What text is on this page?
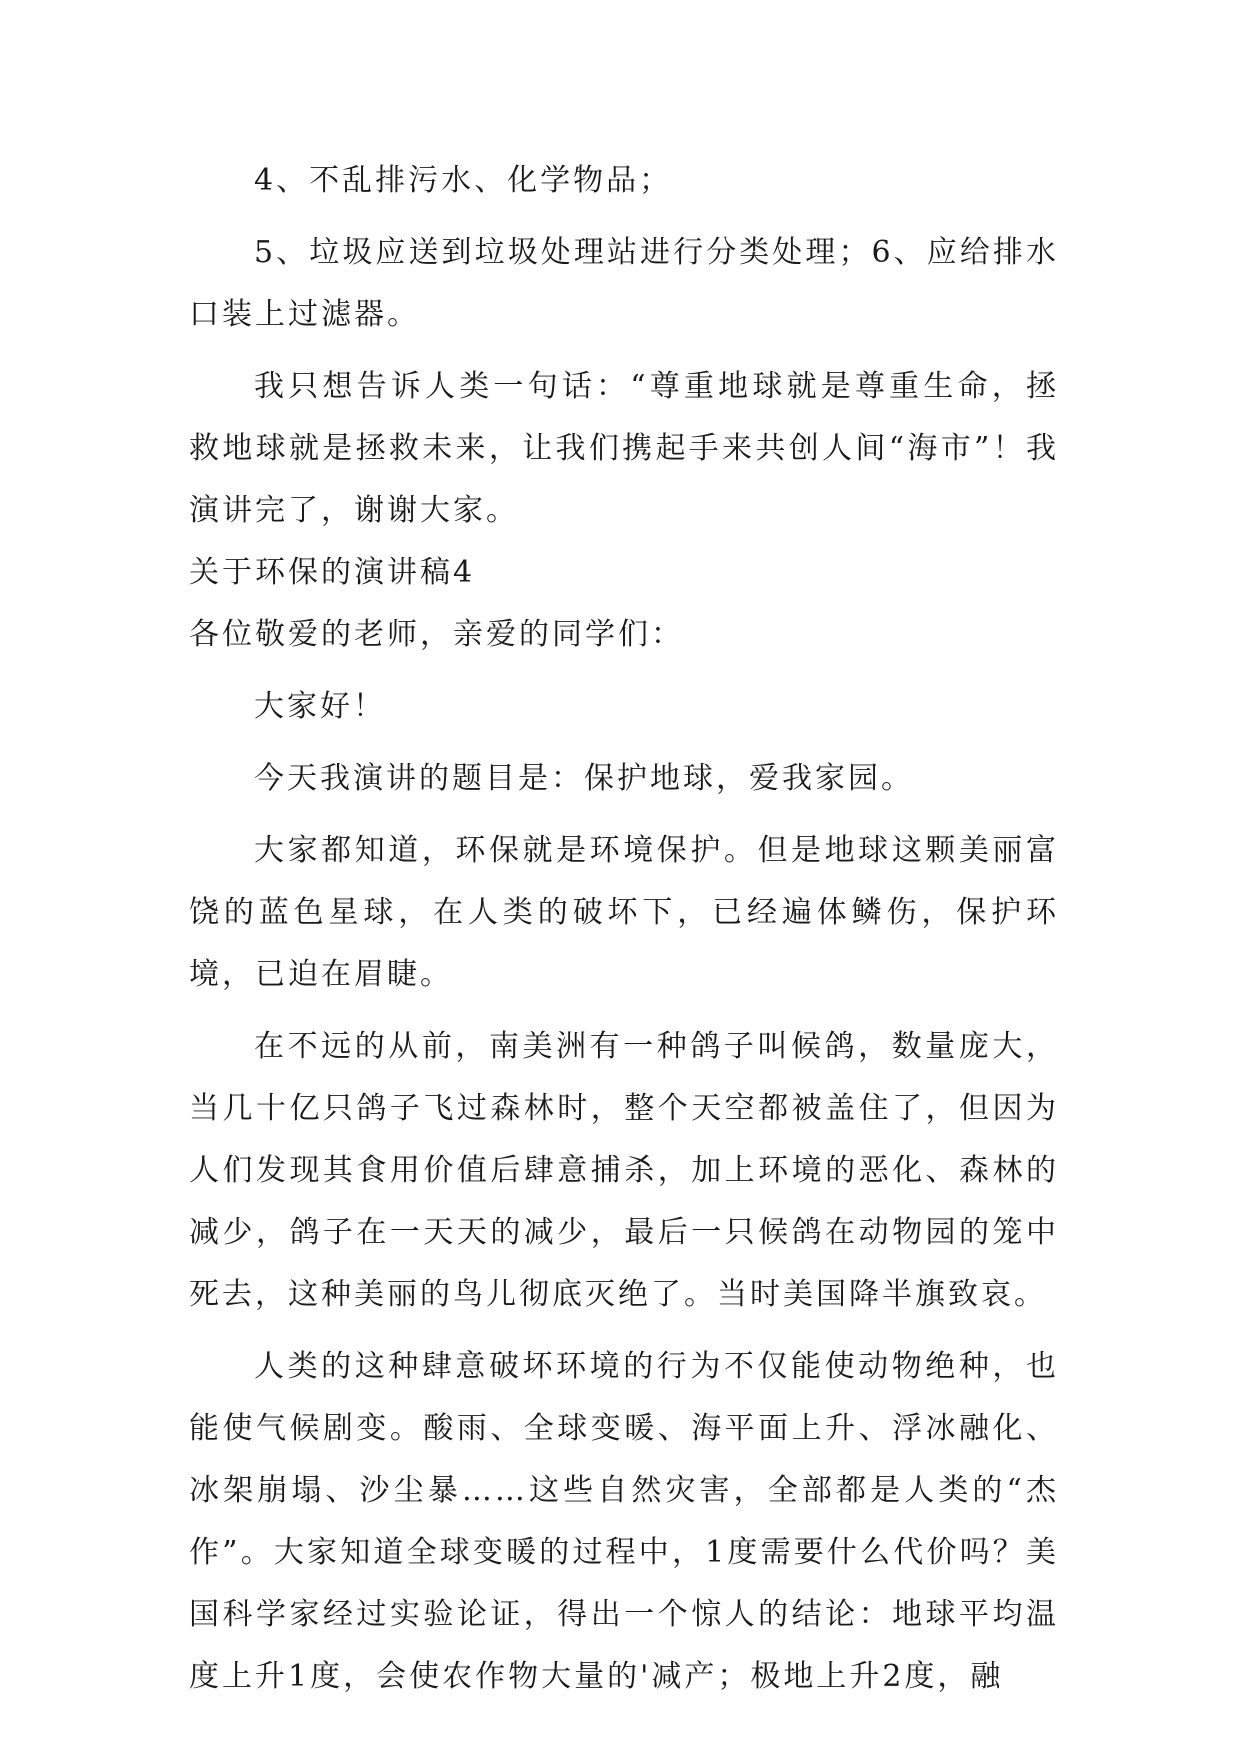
4、不乱排污水、化学物品；

5、垃圾应送到垃圾处理站进行分类处理；6、应给排水口装上过滤器。

我只想告诉人类一句话：“尊重地球就是尊重生命，拯救地球就是拯救未来，让我们携起手来共创人间“海市”！我演讲完了，谢谢大家。

关于环保的演讲稿4

各位敬爱的老师，亲爱的同学们：

大家好！

今天我演讲的题目是：保护地球，爱我家园。

大家都知道，环保就是环境保护。但是地球这颗美丽富饶的蓝色星球，在人类的破坏下，已经遍体鳞伤，保护环境，已迫在眉睫。

在不远的从前，南美洲有一种鸽子叫候鸽，数量庞大，当几十亿只鸽子飞过森林时，整个天空都被盖住了，但因为人们发现其食用价值后肆意捕杀，加上环境的恶化、森林的减少，鸽子在一天天的减少，最后一只候鸽在动物园的笼中死去，这种美丽的鸟儿彻底灭绝了。当时美国降半旗致哀。

人类的这种肆意破坏环境的行为不仅能使动物绝种，也能使气候剧变。酸雨、全球变暖、海平面上升、浮冰融化、冰架崩塌、沙尘暴……这些自然灾害，全部都是人类的“杰作”。大家知道全球变暖的过程中，1度需要什么代价吗？美国科学家经过实验论证，得出一个惊人的结论：地球平均温度上升1度，会使农作物大量的'减产；极地上升2度，融
